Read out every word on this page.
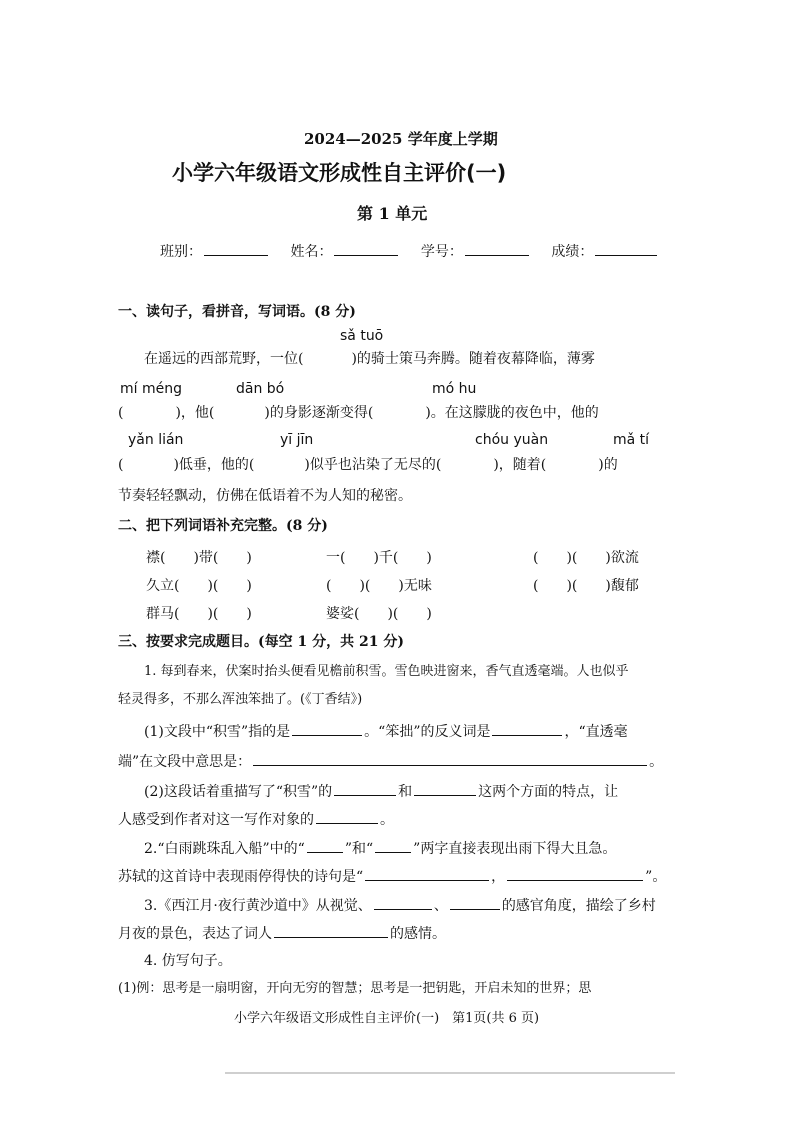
2024—2025 学年度上学期
小学六年级语文形成性自主评价(一)
第 1 单元
班别：	姓名：	学号：	成绩：
一、读句子，看拼音，写词语。(8 分)
sǎ tuō
在遥远的西部荒野，一位(	)的骑士策马奔腾。随着夜幕降临，薄雾
mí méng	dān bó	mó hu
(	)，他(	)的身影逐渐变得(	)。在这朦胧的夜色中，他的
yǎn lián	yī jīn	chóu yuàn	mǎ tí
(	)低垂，他的(	)似乎也沾染了无尽的(	)，随着(	)的
节奏轻轻飘动，仿佛在低语着不为人知的秘密。
二、把下列词语补充完整。(8 分)
襟(　　)带(　　)	一(　　)千(　　)	(　　)(　　)欲流
久立(　　)(　　)	(　　)(　　)无味	(　　)(　　)馥郁
群马(　　)(　　)	婆娑(　　)(　　)
三、按要求完成题目。(每空 1 分，共 21 分)
1. 每到春来，伏案时抬头便看见檐前积雪。雪色映进窗来，香气直透毫端。人也似乎
轻灵得多，不那么浑浊笨拙了。(《丁香结》)
(1)文段中“积雪”指的是	。“笨拙”的反义词是	，“直透毫
端”在文段中意思是：	。
(2)这段话着重描写了“积雪”的	和	这两个方面的特点，让
人感受到作者对这一写作对象的	。
2.“白雨跳珠乱入船”中的“	”和“	”两字直接表现出雨下得大且急。
苏轼的这首诗中表现雨停得快的诗句是“	，	”。
3.《西江月·夜行黄沙道中》从视觉、	、	的感官角度，描绘了乡村
月夜的景色，表达了词人	的感情。
4. 仿写句子。
(1)例：思考是一扇明窗，开向无穷的智慧；思考是一把钥匙，开启未知的世界；思
小学六年级语文形成性自主评价(一)　第1页(共 6 页)
